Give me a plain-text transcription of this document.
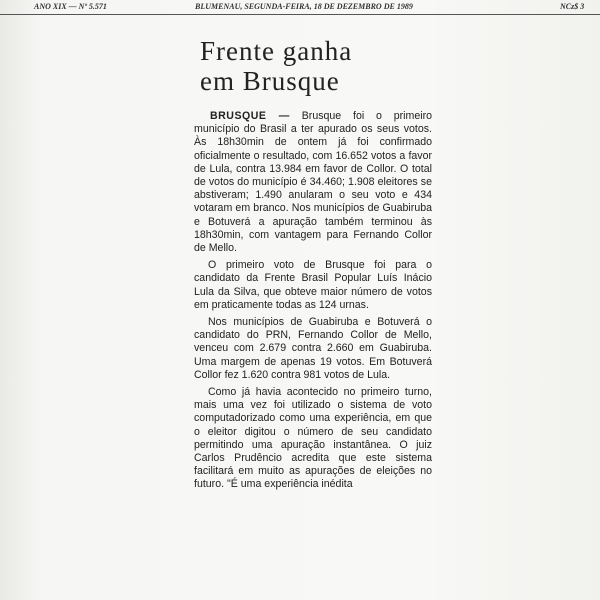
ANO XIX — Nº 5.571	BLUMENAU, SEGUNDA-FEIRA, 18 DE DEZEMBRO DE 1989	NCz$ 3
Frente ganha
em Brusque

BRUSQUE — Brusque foi o primeiro município do Brasil a ter apurado os seus votos. Às 18h30min de ontem já foi confirmado oficialmente o resultado, com 16.652 votos a favor de Lula, contra 13.984 em favor de Collor. O total de votos do município é 34.460; 1.908 eleitores se abstiveram; 1.490 anularam o seu voto e 434 votaram em branco. Nos municípios de Guabiruba e Botuverá a apuração também terminou às 18h30min, com vantagem para Fernando Collor de Mello.

O primeiro voto de Brusque foi para o candidato da Frente Brasil Popular Luís Inácio Lula da Silva, que obteve maior número de votos em praticamente todas as 124 urnas.

Nos municípios de Guabiruba e Botuverá o candidato do PRN, Fernando Collor de Mello, venceu com 2.679 contra 2.660 em Guabiruba. Uma margem de apenas 19 votos. Em Botuverá Collor fez 1.620 contra 981 votos de Lula.

Como já havia acontecido no primeiro turno, mais uma vez foi utilizado o sistema de voto computadorizado como uma experiência, em que o eleitor digitou o número de seu candidato permitindo uma apuração instantânea. O juiz Carlos Prudêncio acredita que este sistema facilitará em muito as apurações de eleições no futuro. "É uma experiência inédita
